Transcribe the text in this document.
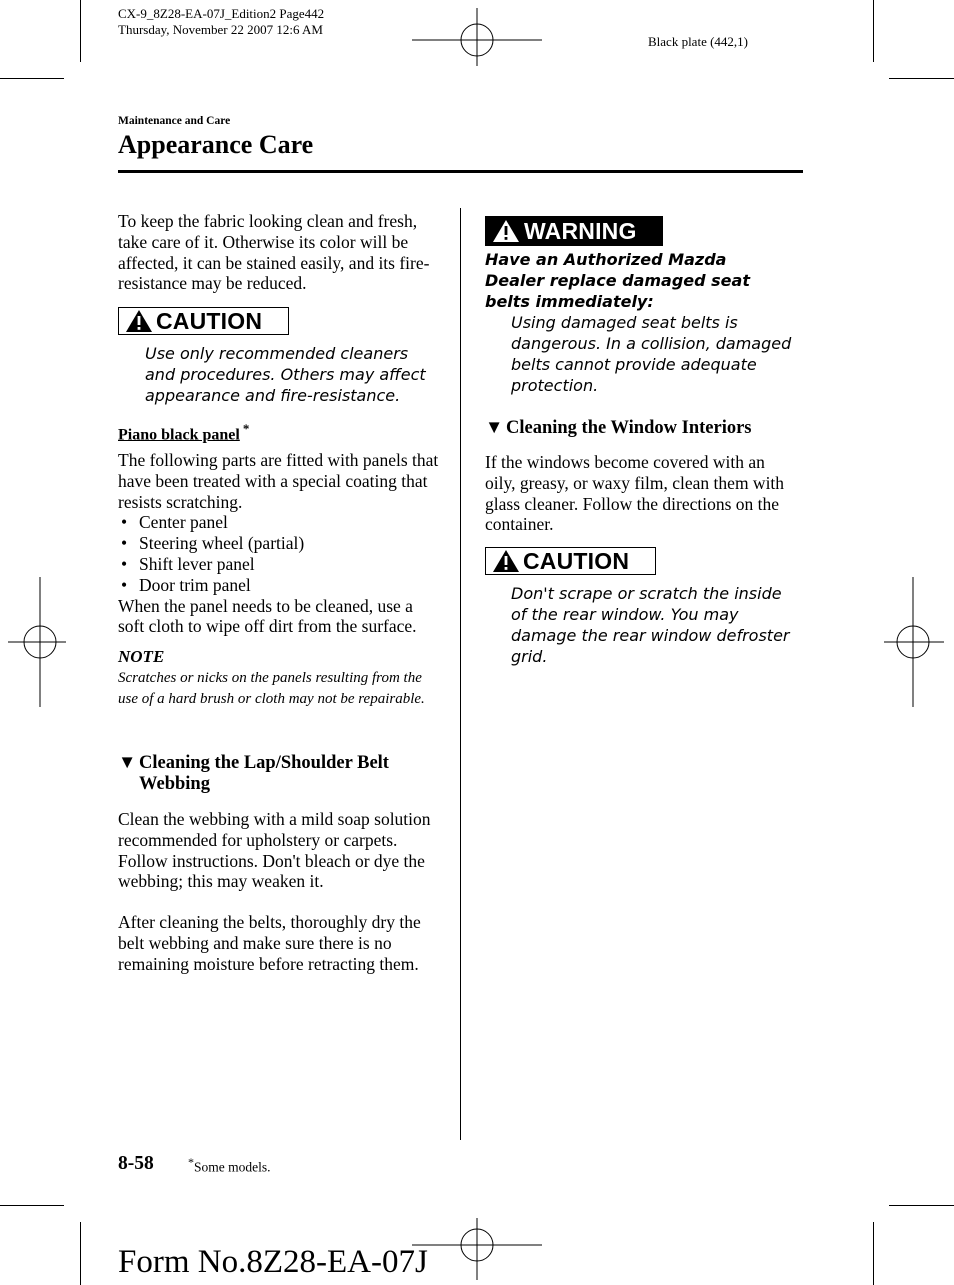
CX-9_8Z28-EA-07J_Edition2 Page442
Thursday, November 22 2007 12:6 AM
Black plate (442,1)
Maintenance and Care
Appearance Care
To keep the fabric looking clean and fresh, take care of it. Otherwise its color will be affected, it can be stained easily, and its fire-resistance may be reduced.
CAUTION
Use only recommended cleaners and procedures. Others may affect appearance and fire-resistance.
Piano black panel *
The following parts are fitted with panels that have been treated with a special coating that resists scratching.
• Center panel
• Steering wheel (partial)
• Shift lever panel
• Door trim panel
When the panel needs to be cleaned, use a soft cloth to wipe off dirt from the surface.
NOTE
Scratches or nicks on the panels resulting from the use of a hard brush or cloth may not be repairable.
▼ Cleaning the Lap/Shoulder Belt Webbing
Clean the webbing with a mild soap solution recommended for upholstery or carpets. Follow instructions. Don't bleach or dye the webbing; this may weaken it.
After cleaning the belts, thoroughly dry the belt webbing and make sure there is no remaining moisture before retracting them.
WARNING
Have an Authorized Mazda Dealer replace damaged seat belts immediately:
Using damaged seat belts is dangerous. In a collision, damaged belts cannot provide adequate protection.
▼ Cleaning the Window Interiors
If the windows become covered with an oily, greasy, or waxy film, clean them with glass cleaner. Follow the directions on the container.
CAUTION
Don't scrape or scratch the inside of the rear window. You may damage the rear window defroster grid.
8-58	*Some models.
Form No.8Z28-EA-07J
